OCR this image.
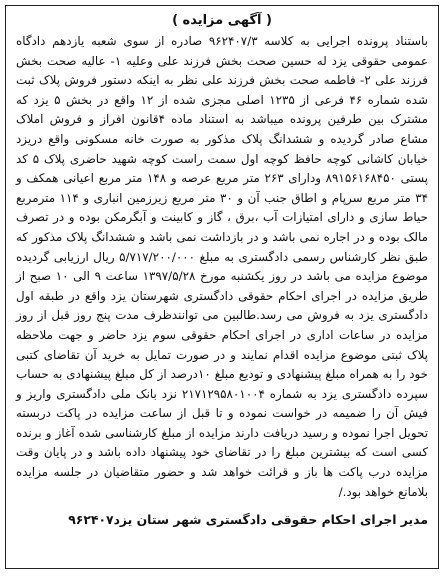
( آگهی مزایده )

باستناد پرونده اجرایی به کلاسه ۹۶۲۴۰۷/۳ صادره از سوی شعبه یازدهم دادگاه عمومی حقوقی یزد له حسین صحت بخش فرزند علی وعلیه ۱- عالیه صحت بخش فرزند علی ۲- فاطمه صحت بخش فرزند علی نظر به اینکه دستور فروش پلاک ثبت شده شماره ۴۶ فرعی از ۱۲۳۵ اصلی مجزی شده از ۱۲ واقع در بخش ۵ یزد که مشترک بین طرفین پرونده میباشد به استناد ماده ۴قانون افراز و فروش املاک مشاع صادر گردیده و ششدانگ پلاک مذکور به صورت خانه مسکونی واقع دریزد خیابان کاشانی کوچه حافظ کوچه اول سمت راست کوچه شهید حاضری پلاک ۵ کد پستی ۸۹۱۵۶۱۶۸۴۵۰ ودارای ۲۶۳ متر مربع عرصه و ۱۴۸ متر مربع اعیانی همکف و ۳۴ متر مربع سرپام و اطاق جنب آن و ۳۰ متر مربع زیرزمین انباری و ۱۱۴ مترمربع حیاط سازی و دارای امتیازات آب ،برق ، گاز و کابینت و آبگرمکن بوده و در تصرف مالک بوده و در اجاره نمی باشد و در بازداشت نمی باشد و ششدانگ پلاک مذکور که طبق نظر کارشناس رسمی دادگستری به مبلغ ۵/۷۱۷/۲۰۰/۰۰۰ ریال ارزیابی گردیده موضوع مزایده می باشد در روز یکشنبه مورخ ۱۳۹۷/۵/۲۸ ساعت ۹ الی ۱۰ صبح از طریق مزایده در اجرای احکام حقوقی دادگستری شهرستان یزد واقع در طبقه اول دادگستری یزد به فروش می رسد.طالبین می توانندظرف مدت پنج روز قبل از روز مزایده در ساعات اداری در اجرای احکام حقوقی سوم یزد حاضر و جهت ملاحظه پلاک ثبتی موضوع مزایده اقدام نمایند و در صورت تمایل به خرید آن تقاضای کتبی خود را به همراه مبلغ پیشنهادی و تودیع مبلغ ۱۰درصد از کل مبلغ پیشنهادی به حساب سپرده دادگستری یزد به شماره ۲۱۷۱۲۹۵۸۰۱۰۰۴ نزد بانک ملی دادگستری واریز و فیش آن را ضمیمه در خواست نموده و تا قبل از ساعت مزایده در پاکت دربسته تحویل اجرا نموده و رسید دریافت دارند مزایده از مبلغ کارشناسی شده آغاز و برنده کسی است که بیشترین مبلغ را در تقاضای خود پیشنهاد داده باشد و در پایان وقت مزایده درب پاکت ها باز و قرائت خواهد شد و حضور متقاضیان در جلسه مزایده بلامانع خواهد بود./

مدیر اجرای احکام حقوقی دادگستری شهر ستان یزد۹۶۲۴۰۷
